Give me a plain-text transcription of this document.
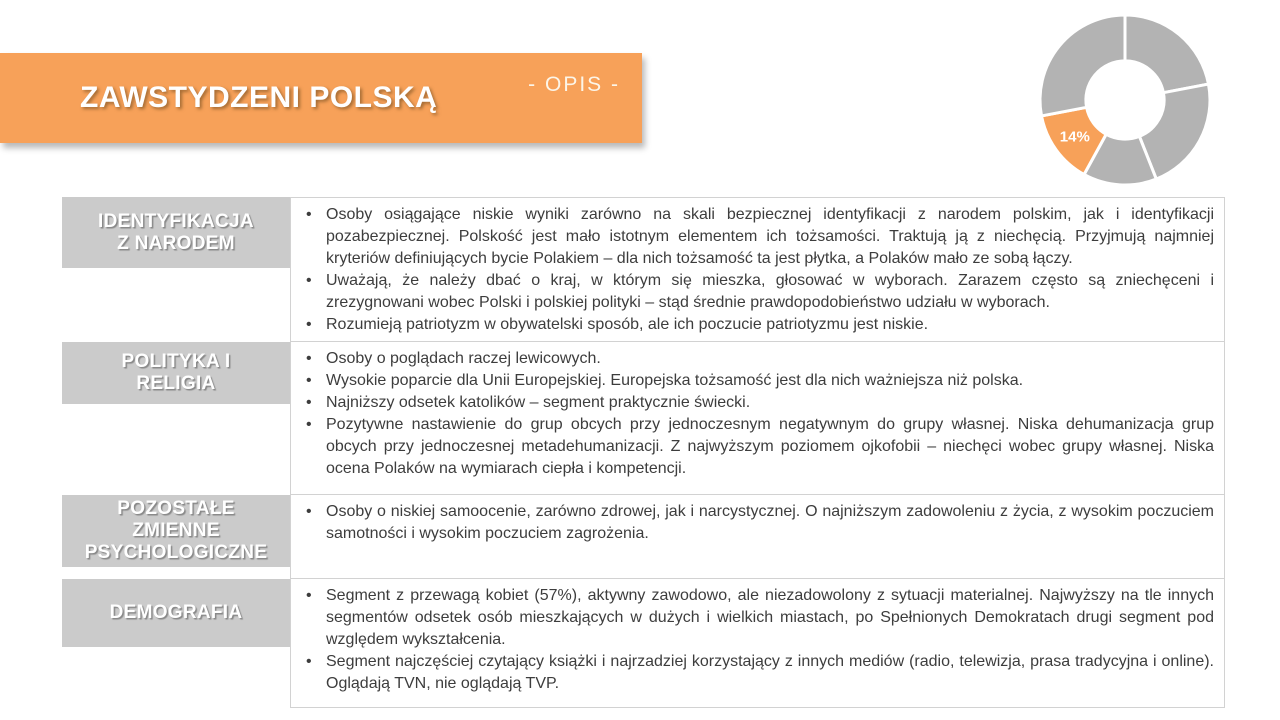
ZAWSTYDZENI POLSKĄ	- OPIS -
14%
IDENTYFIKACJA
Z NARODEM
• Osoby osiągające niskie wyniki zarówno na skali bezpiecznej identyfikacji z narodem polskim, jak i identyfikacji pozabezpiecznej. Polskość jest mało istotnym elementem ich tożsamości. Traktują ją z niechęcią. Przyjmują najmniej kryteriów definiujących bycie Polakiem – dla nich tożsamość ta jest płytka, a Polaków mało ze sobą łączy.
• Uważają, że należy dbać o kraj, w którym się mieszka, głosować w wyborach. Zarazem często są zniechęceni i zrezygnowani wobec Polski i polskiej polityki – stąd średnie prawdopodobieństwo udziału w wyborach.
• Rozumieją patriotyzm w obywatelski sposób, ale ich poczucie patriotyzmu jest niskie.
POLITYKA I
RELIGIA
• Osoby o poglądach raczej lewicowych.
• Wysokie poparcie dla Unii Europejskiej. Europejska tożsamość jest dla nich ważniejsza niż polska.
• Najniższy odsetek katolików – segment praktycznie świecki.
• Pozytywne nastawienie do grup obcych przy jednoczesnym negatywnym do grupy własnej. Niska dehumanizacja grup obcych przy jednoczesnej metadehumanizacji. Z najwyższym poziomem ojkofobii – niechęci wobec grupy własnej. Niska ocena Polaków na wymiarach ciepła i kompetencji.
POZOSTAŁE
ZMIENNE
PSYCHOLOGICZNE
• Osoby o niskiej samoocenie, zarówno zdrowej, jak i narcystycznej. O najniższym zadowoleniu z życia, z wysokim poczuciem samotności i wysokim poczuciem zagrożenia.
DEMOGRAFIA
• Segment z przewagą kobiet (57%), aktywny zawodowo, ale niezadowolony z sytuacji materialnej. Najwyższy na tle innych segmentów odsetek osób mieszkających w dużych i wielkich miastach, po Spełnionych Demokratach drugi segment pod względem wykształcenia.
• Segment najczęściej czytający książki i najrzadziej korzystający z innych mediów (radio, telewizja, prasa tradycyjna i online). Oglądają TVN, nie oglądają TVP.
